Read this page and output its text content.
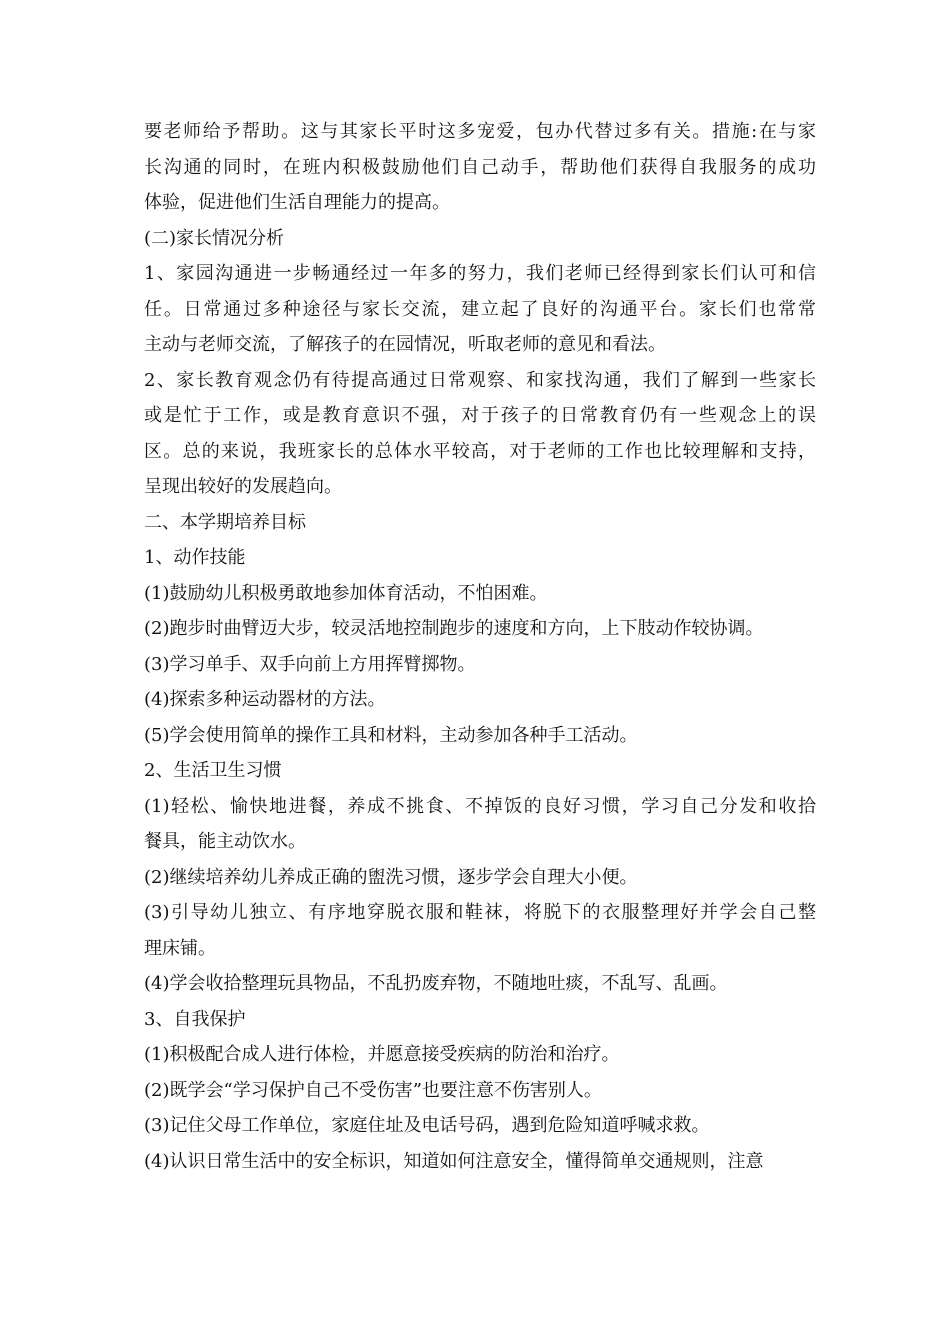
要老师给予帮助。这与其家长平时这多宠爱，包办代替过多有关。措施:在与家
长沟通的同时，在班内积极鼓励他们自己动手，帮助他们获得自我服务的成功
体验，促进他们生活自理能力的提高。
(二)家长情况分析
1、家园沟通进一步畅通经过一年多的努力，我们老师已经得到家长们认可和信
任。日常通过多种途径与家长交流，建立起了良好的沟通平台。家长们也常常
主动与老师交流，了解孩子的在园情况，听取老师的意见和看法。
2、家长教育观念仍有待提高通过日常观察、和家找沟通，我们了解到一些家长
或是忙于工作，或是教育意识不强，对于孩子的日常教育仍有一些观念上的误
区。总的来说，我班家长的总体水平较高，对于老师的工作也比较理解和支持，
呈现出较好的发展趋向。
二、本学期培养目标
1、动作技能
(1)鼓励幼儿积极勇敢地参加体育活动，不怕困难。
(2)跑步时曲臂迈大步，较灵活地控制跑步的速度和方向，上下肢动作较协调。
(3)学习单手、双手向前上方用挥臂掷物。
(4)探索多种运动器材的方法。
(5)学会使用简单的操作工具和材料，主动参加各种手工活动。
2、生活卫生习惯
(1)轻松、愉快地进餐，养成不挑食、不掉饭的良好习惯，学习自己分发和收拾
餐具，能主动饮水。
(2)继续培养幼儿养成正确的盥洗习惯，逐步学会自理大小便。
(3)引导幼儿独立、有序地穿脱衣服和鞋袜，将脱下的衣服整理好并学会自己整
理床铺。
(4)学会收拾整理玩具物品，不乱扔废弃物，不随地吐痰，不乱写、乱画。
3、自我保护
(1)积极配合成人进行体检，并愿意接受疾病的防治和治疗。
(2)既学会“学习保护自己不受伤害”也要注意不伤害别人。
(3)记住父母工作单位，家庭住址及电话号码，遇到危险知道呼喊求救。
(4)认识日常生活中的安全标识，知道如何注意安全，懂得简单交通规则，注意
